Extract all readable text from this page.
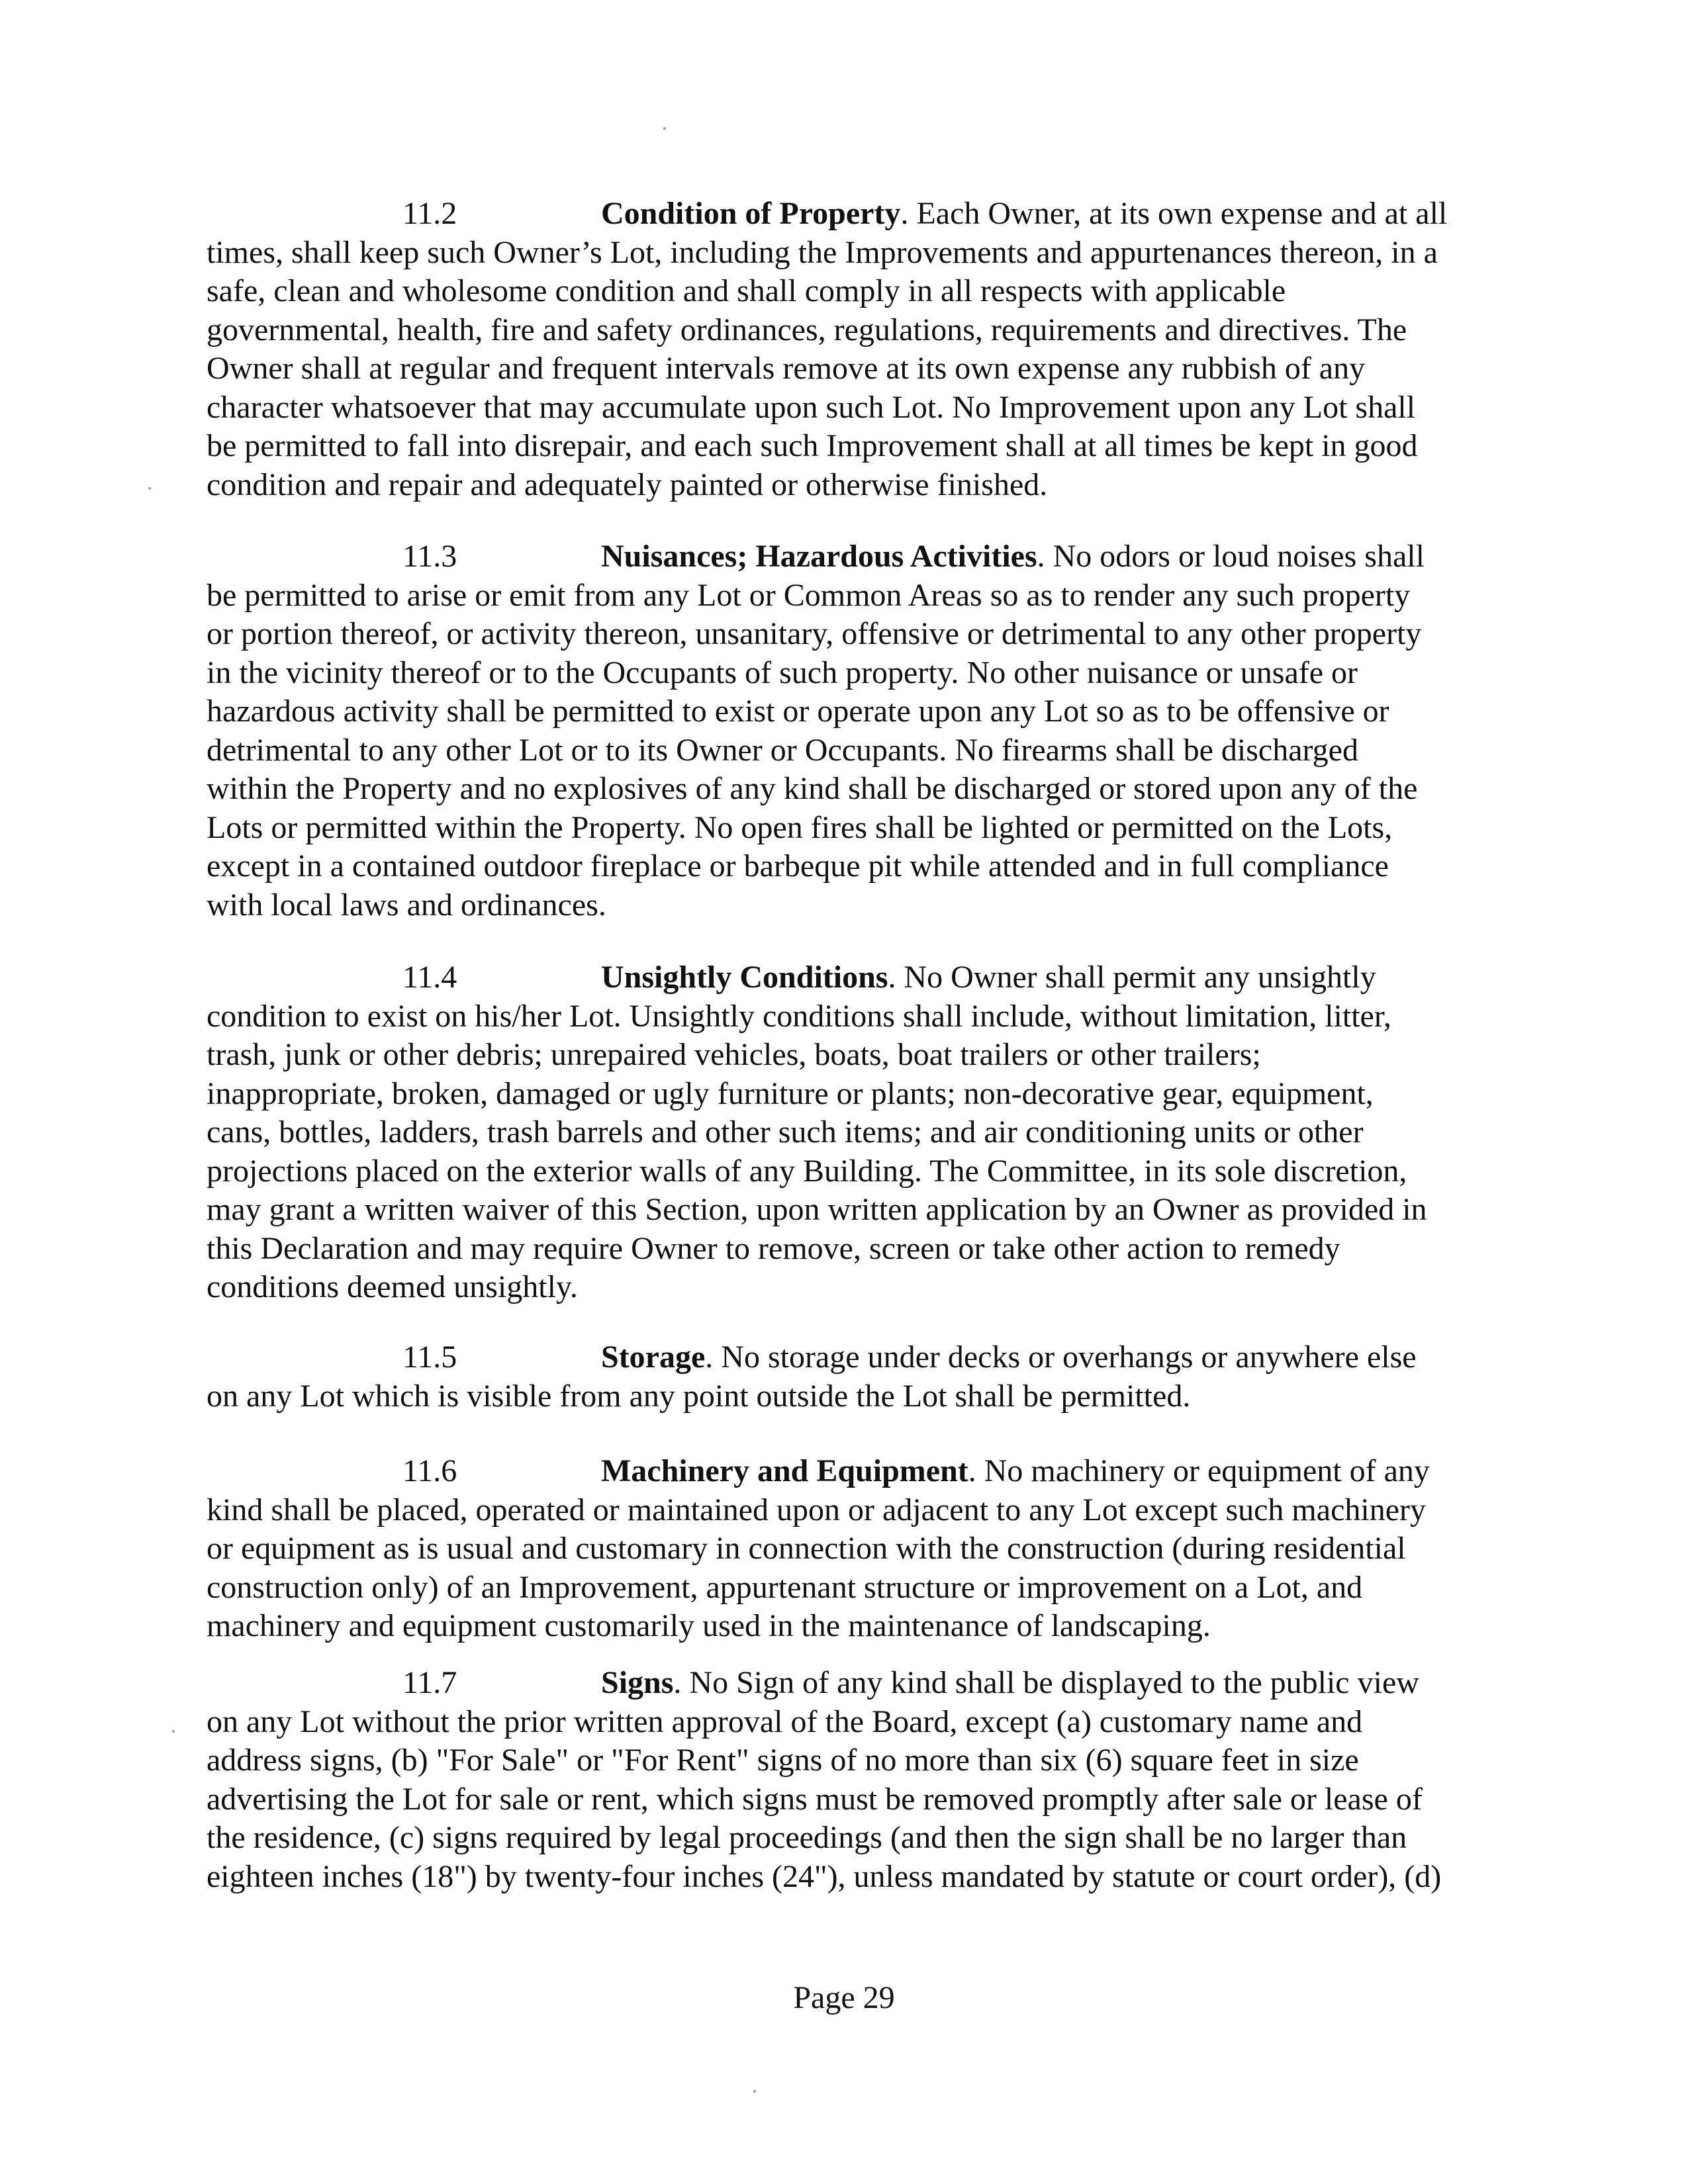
11.2	Condition of Property. Each Owner, at its own expense and at all
times, shall keep such Owner’s Lot, including the Improvements and appurtenances thereon, in a
safe, clean and wholesome condition and shall comply in all respects with applicable
governmental, health, fire and safety ordinances, regulations, requirements and directives. The
Owner shall at regular and frequent intervals remove at its own expense any rubbish of any
character whatsoever that may accumulate upon such Lot. No Improvement upon any Lot shall
be permitted to fall into disrepair, and each such Improvement shall at all times be kept in good
condition and repair and adequately painted or otherwise finished.
11.3	Nuisances; Hazardous Activities. No odors or loud noises shall
be permitted to arise or emit from any Lot or Common Areas so as to render any such property
or portion thereof, or activity thereon, unsanitary, offensive or detrimental to any other property
in the vicinity thereof or to the Occupants of such property. No other nuisance or unsafe or
hazardous activity shall be permitted to exist or operate upon any Lot so as to be offensive or
detrimental to any other Lot or to its Owner or Occupants. No firearms shall be discharged
within the Property and no explosives of any kind shall be discharged or stored upon any of the
Lots or permitted within the Property. No open fires shall be lighted or permitted on the Lots,
except in a contained outdoor fireplace or barbeque pit while attended and in full compliance
with local laws and ordinances.
11.4	Unsightly Conditions. No Owner shall permit any unsightly
condition to exist on his/her Lot. Unsightly conditions shall include, without limitation, litter,
trash, junk or other debris; unrepaired vehicles, boats, boat trailers or other trailers;
inappropriate, broken, damaged or ugly furniture or plants; non-decorative gear, equipment,
cans, bottles, ladders, trash barrels and other such items; and air conditioning units or other
projections placed on the exterior walls of any Building. The Committee, in its sole discretion,
may grant a written waiver of this Section, upon written application by an Owner as provided in
this Declaration and may require Owner to remove, screen or take other action to remedy
conditions deemed unsightly.
11.5	Storage. No storage under decks or overhangs or anywhere else
on any Lot which is visible from any point outside the Lot shall be permitted.
11.6	Machinery and Equipment. No machinery or equipment of any
kind shall be placed, operated or maintained upon or adjacent to any Lot except such machinery
or equipment as is usual and customary in connection with the construction (during residential
construction only) of an Improvement, appurtenant structure or improvement on a Lot, and
machinery and equipment customarily used in the maintenance of landscaping.
11.7	Signs. No Sign of any kind shall be displayed to the public view
on any Lot without the prior written approval of the Board, except (a) customary name and
address signs, (b) "For Sale" or "For Rent" signs of no more than six (6) square feet in size
advertising the Lot for sale or rent, which signs must be removed promptly after sale or lease of
the residence, (c) signs required by legal proceedings (and then the sign shall be no larger than
eighteen inches (18") by twenty-four inches (24"), unless mandated by statute or court order), (d)
Page 29
